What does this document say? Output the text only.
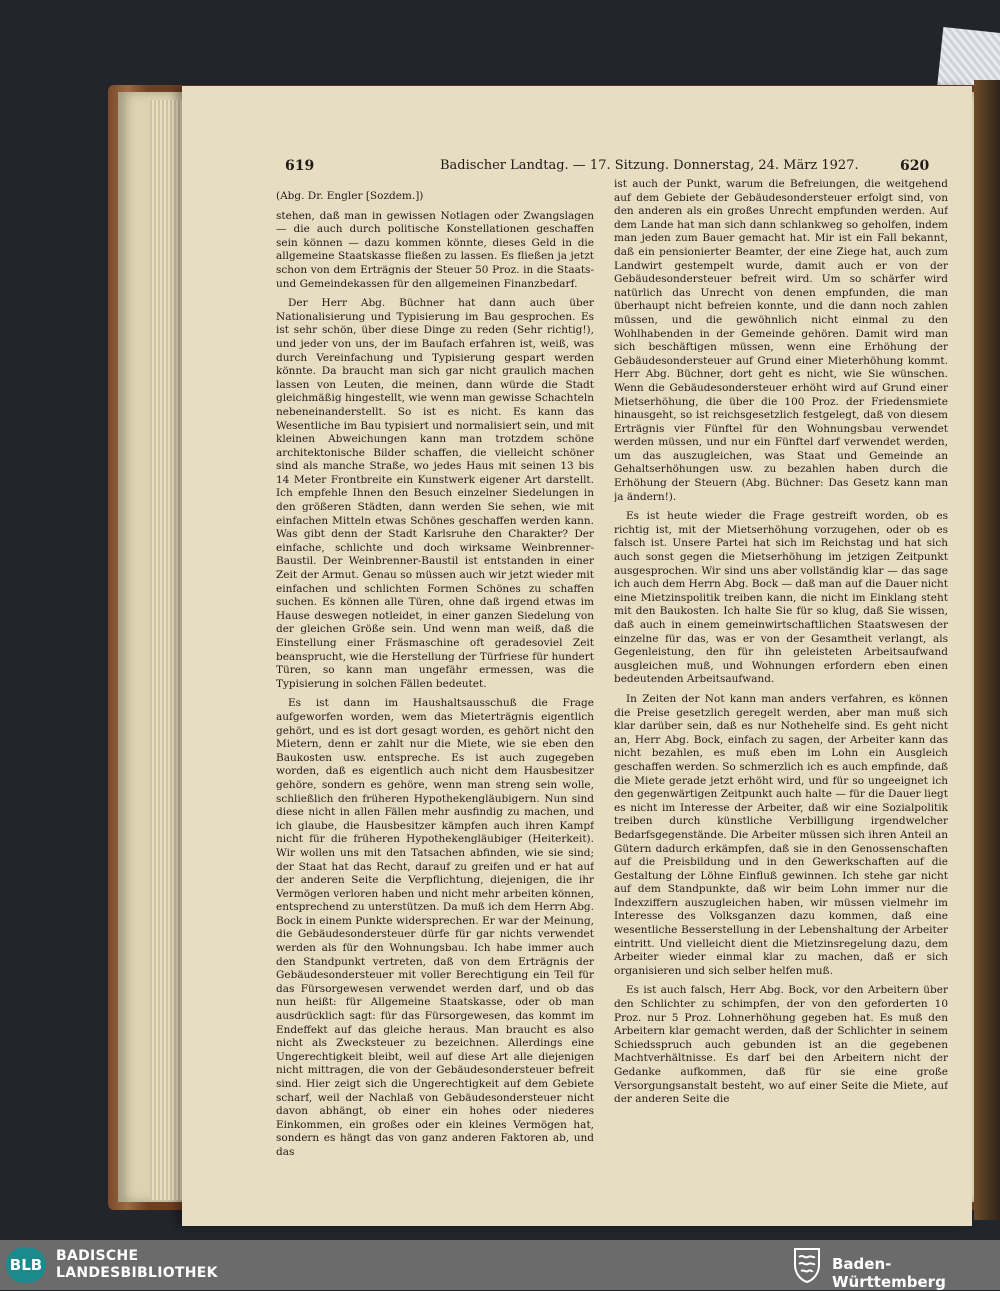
619	Badischer Landtag. — 17. Sitzung. Donnerstag, 24. März 1927.	620

(Abg. Dr. Engler [Sozdem.])

stehen, daß man in gewissen Notlagen oder Zwangslagen — die auch durch politische Konstellationen geschaffen sein können — dazu kommen könnte, dieses Geld in die allgemeine Staatskasse fließen zu lassen. Es fließen ja jetzt schon von dem Erträgnis der Steuer 50 Proz. in die Staats- und Gemeindekassen für den allgemeinen Finanzbedarf.

Der Herr Abg. Büchner hat dann auch über Nationalisierung und Typisierung im Bau gesprochen. Es ist sehr schön, über diese Dinge zu reden (Sehr richtig!), und jeder von uns, der im Baufach erfahren ist, weiß, was durch Vereinfachung und Typisierung gespart werden könnte. Da braucht man sich gar nicht graulich machen lassen von Leuten, die meinen, dann würde die Stadt gleichmäßig hingestellt, wie wenn man gewisse Schachteln nebeneinanderstellt. So ist es nicht. Es kann das Wesentliche im Bau typisiert und normalisiert sein, und mit kleinen Abweichungen kann man trotzdem schöne architektonische Bilder schaffen, die vielleicht schöner sind als manche Straße, wo jedes Haus mit seinen 13 bis 14 Meter Frontbreite ein Kunstwerk eigener Art darstellt. Ich empfehle Ihnen den Besuch einzelner Siedelungen in den größeren Städten, dann werden Sie sehen, wie mit einfachen Mitteln etwas Schönes geschaffen werden kann. Was gibt denn der Stadt Karlsruhe den Charakter? Der einfache, schlichte und doch wirksame Weinbrenner-Baustil. Der Weinbrenner-Baustil ist entstanden in einer Zeit der Armut. Genau so müssen auch wir jetzt wieder mit einfachen und schlichten Formen Schönes zu schaffen suchen. Es können alle Türen, ohne daß irgend etwas im Hause deswegen notleidet, in einer ganzen Siedelung von der gleichen Größe sein. Und wenn man weiß, daß die Einstellung einer Fräsmaschine oft geradesoviel Zeit beansprucht, wie die Herstellung der Türfriese für hundert Türen, so kann man ungefähr ermessen, was die Typisierung in solchen Fällen bedeutet.

Es ist dann im Haushaltsausschuß die Frage aufgeworfen worden, wem das Mieterträgnis eigentlich gehört, und es ist dort gesagt worden, es gehört nicht den Mietern, denn er zahlt nur die Miete, wie sie eben den Baukosten usw. entspreche. Es ist auch zugegeben worden, daß es eigentlich auch nicht dem Hausbesitzer gehöre, sondern es gehöre, wenn man streng sein wolle, schließlich den früheren Hypothekengläubigern. Nun sind diese nicht in allen Fällen mehr ausfindig zu machen, und ich glaube, die Hausbesitzer kämpfen auch ihren Kampf nicht für die früheren Hypothekengläubiger (Heiterkeit). Wir wollen uns mit den Tatsachen abfinden, wie sie sind; der Staat hat das Recht, darauf zu greifen und er hat auf der anderen Seite die Verpflichtung, diejenigen, die ihr Vermögen verloren haben und nicht mehr arbeiten können, entsprechend zu unterstützen. Da muß ich dem Herrn Abg. Bock in einem Punkte widersprechen. Er war der Meinung, die Gebäudesondersteuer dürfe für gar nichts verwendet werden als für den Wohnungsbau. Ich habe immer auch den Standpunkt vertreten, daß von dem Erträgnis der Gebäudesondersteuer mit voller Berechtigung ein Teil für das Fürsorgewesen verwendet werden darf, und ob das nun heißt: für Allgemeine Staatskasse, oder ob man ausdrücklich sagt: für das Fürsorgewesen, das kommt im Endeffekt auf das gleiche heraus. Man braucht es also nicht als Zwecksteuer zu bezeichnen. Allerdings eine Ungerechtigkeit bleibt, weil auf diese Art alle diejenigen nicht mittragen, die von der Gebäudesondersteuer befreit sind. Hier zeigt sich die Ungerechtigkeit auf dem Gebiete scharf, weil der Nachlaß von Gebäudesondersteuer nicht davon abhängt, ob einer ein hohes oder niederes Einkommen, ein großes oder ein kleines Vermögen hat, sondern es hängt das von ganz anderen Faktoren ab, und das

ist auch der Punkt, warum die Befreiungen, die weitgehend auf dem Gebiete der Gebäudesondersteuer erfolgt sind, von den anderen als ein großes Unrecht empfunden werden. Auf dem Lande hat man sich dann schlankweg so geholfen, indem man jeden zum Bauer gemacht hat. Mir ist ein Fall bekannt, daß ein pensionierter Beamter, der eine Ziege hat, auch zum Landwirt gestempelt wurde, damit auch er von der Gebäudesondersteuer befreit wird. Um so schärfer wird natürlich das Unrecht von denen empfunden, die man überhaupt nicht befreien konnte, und die dann noch zahlen müssen, und die gewöhnlich nicht einmal zu den Wohlhabenden in der Gemeinde gehören. Damit wird man sich beschäftigen müssen, wenn eine Erhöhung der Gebäudesondersteuer auf Grund einer Mieterhöhung kommt. Herr Abg. Büchner, dort geht es nicht, wie Sie wünschen. Wenn die Gebäudesondersteuer erhöht wird auf Grund einer Mietserhöhung, die über die 100 Proz. der Friedensmiete hinausgeht, so ist reichsgesetzlich festgelegt, daß von diesem Erträgnis vier Fünftel für den Wohnungsbau verwendet werden müssen, und nur ein Fünftel darf verwendet werden, um das auszugleichen, was Staat und Gemeinde an Gehaltserhöhungen usw. zu bezahlen haben durch die Erhöhung der Steuern (Abg. Büchner: Das Gesetz kann man ja ändern!).

Es ist heute wieder die Frage gestreift worden, ob es richtig ist, mit der Mietserhöhung vorzugehen, oder ob es falsch ist. Unsere Partei hat sich im Reichstag und hat sich auch sonst gegen die Mietserhöhung im jetzigen Zeitpunkt ausgesprochen. Wir sind uns aber vollständig klar — das sage ich auch dem Herrn Abg. Bock — daß man auf die Dauer nicht eine Mietzinspolitik treiben kann, die nicht im Einklang steht mit den Baukosten. Ich halte Sie für so klug, daß Sie wissen, daß auch in einem gemeinwirtschaftlichen Staatswesen der einzelne für das, was er von der Gesamtheit verlangt, als Gegenleistung, den für ihn geleisteten Arbeitsaufwand ausgleichen muß, und Wohnungen erfordern eben einen bedeutenden Arbeitsaufwand.

In Zeiten der Not kann man anders verfahren, es können die Preise gesetzlich geregelt werden, aber man muß sich klar darüber sein, daß es nur Nothehelfe sind. Es geht nicht an, Herr Abg. Bock, einfach zu sagen, der Arbeiter kann das nicht bezahlen, es muß eben im Lohn ein Ausgleich geschaffen werden. So schmerzlich ich es auch empfinde, daß die Miete gerade jetzt erhöht wird, und für so ungeeignet ich den gegenwärtigen Zeitpunkt auch halte — für die Dauer liegt es nicht im Interesse der Arbeiter, daß wir eine Sozialpolitik treiben durch künstliche Verbilligung irgendwelcher Bedarfsgegenstände. Die Arbeiter müssen sich ihren Anteil an Gütern dadurch erkämpfen, daß sie in den Genossenschaften auf die Preisbildung und in den Gewerkschaften auf die Gestaltung der Löhne Einfluß gewinnen. Ich stehe gar nicht auf dem Standpunkte, daß wir beim Lohn immer nur die Indexziffern auszugleichen haben, wir müssen vielmehr im Interesse des Volksganzen dazu kommen, daß eine wesentliche Besserstellung in der Lebenshaltung der Arbeiter eintritt. Und vielleicht dient die Mietzinsregelung dazu, dem Arbeiter wieder einmal klar zu machen, daß er sich organisieren und sich selber helfen muß.

Es ist auch falsch, Herr Abg. Bock, vor den Arbeitern über den Schlichter zu schimpfen, der von den geforderten 10 Proz. nur 5 Proz. Lohnerhöhung gegeben hat. Es muß den Arbeitern klar gemacht werden, daß der Schlichter in seinem Schiedsspruch auch gebunden ist an die gegebenen Machtverhältnisse. Es darf bei den Arbeitern nicht der Gedanke aufkommen, daß für sie eine große Versorgungsanstalt besteht, wo auf einer Seite die Miete, auf der anderen Seite die

BLB BADISCHE
LANDESBIBLIOTHEK	Baden-Württemberg
